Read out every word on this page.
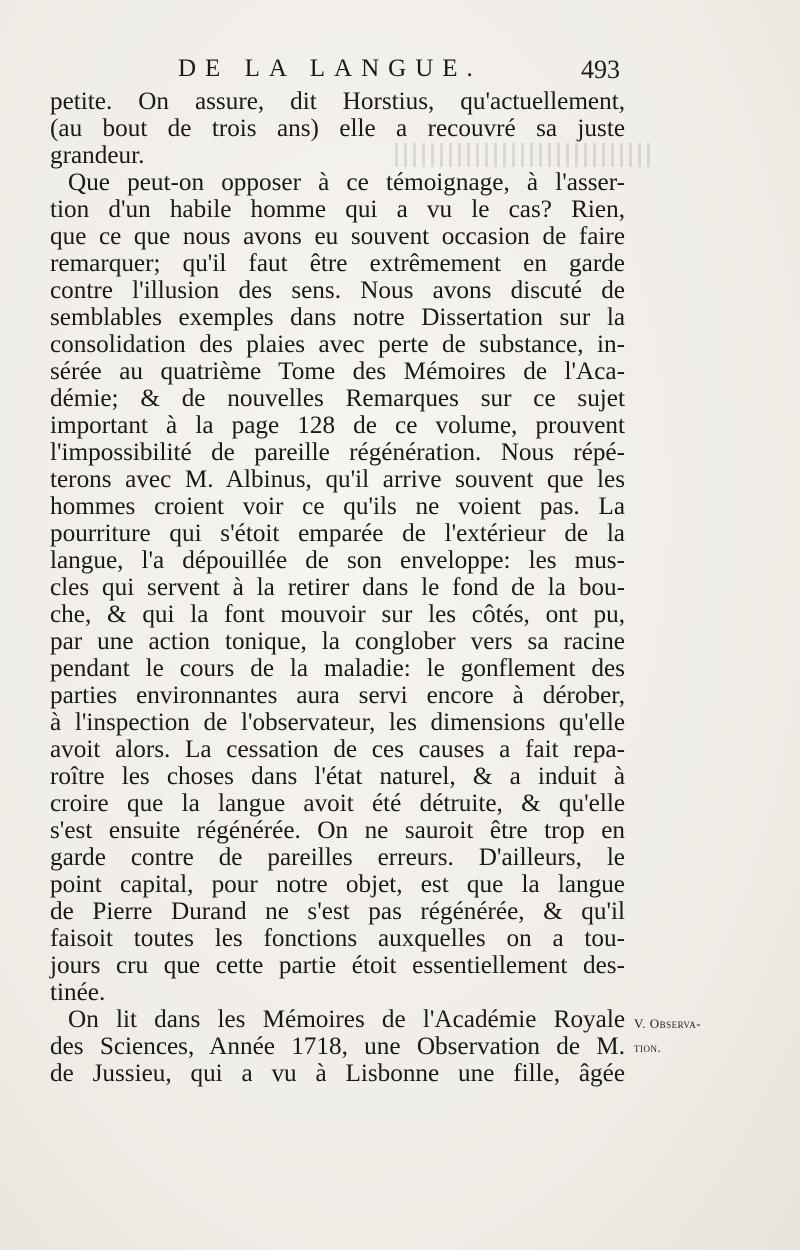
DE LA LANGUE.	493
petite. On assure, dit Horstius, qu'actuellement,
(au bout de trois ans) elle a recouvré sa juste
grandeur.
Que peut-on opposer à ce témoignage, à l'asser-
tion d'un habile homme qui a vu le cas? Rien,
que ce que nous avons eu souvent occasion de faire
remarquer; qu'il faut être extrêmement en garde
contre l'illusion des sens. Nous avons discuté de
semblables exemples dans notre Dissertation sur la
consolidation des plaies avec perte de substance, in-
sérée au quatrième Tome des Mémoires de l'Aca-
démie; & de nouvelles Remarques sur ce sujet
important à la page 128 de ce volume, prouvent
l'impossibilité de pareille régénération. Nous répé-
terons avec M. Albinus, qu'il arrive souvent que les
hommes croient voir ce qu'ils ne voient pas. La
pourriture qui s'étoit emparée de l'extérieur de la
langue, l'a dépouillée de son enveloppe: les mus-
cles qui servent à la retirer dans le fond de la bou-
che, & qui la font mouvoir sur les côtés, ont pu,
par une action tonique, la conglober vers sa racine
pendant le cours de la maladie: le gonflement des
parties environnantes aura servi encore à dérober,
à l'inspection de l'observateur, les dimensions qu'elle
avoit alors. La cessation de ces causes a fait repa-
roître les choses dans l'état naturel, & a induit à
croire que la langue avoit été détruite, & qu'elle
s'est ensuite régénérée. On ne sauroit être trop en
garde contre de pareilles erreurs. D'ailleurs, le
point capital, pour notre objet, est que la langue
de Pierre Durand ne s'est pas régénérée, & qu'il
faisoit toutes les fonctions auxquelles on a tou-
jours cru que cette partie étoit essentiellement des-
tinée.
On lit dans les Mémoires de l'Académie Royale
des Sciences, Année 1718, une Observation de M.
de Jussieu, qui a vu à Lisbonne une fille, âgée
V. Observa-
tion.
